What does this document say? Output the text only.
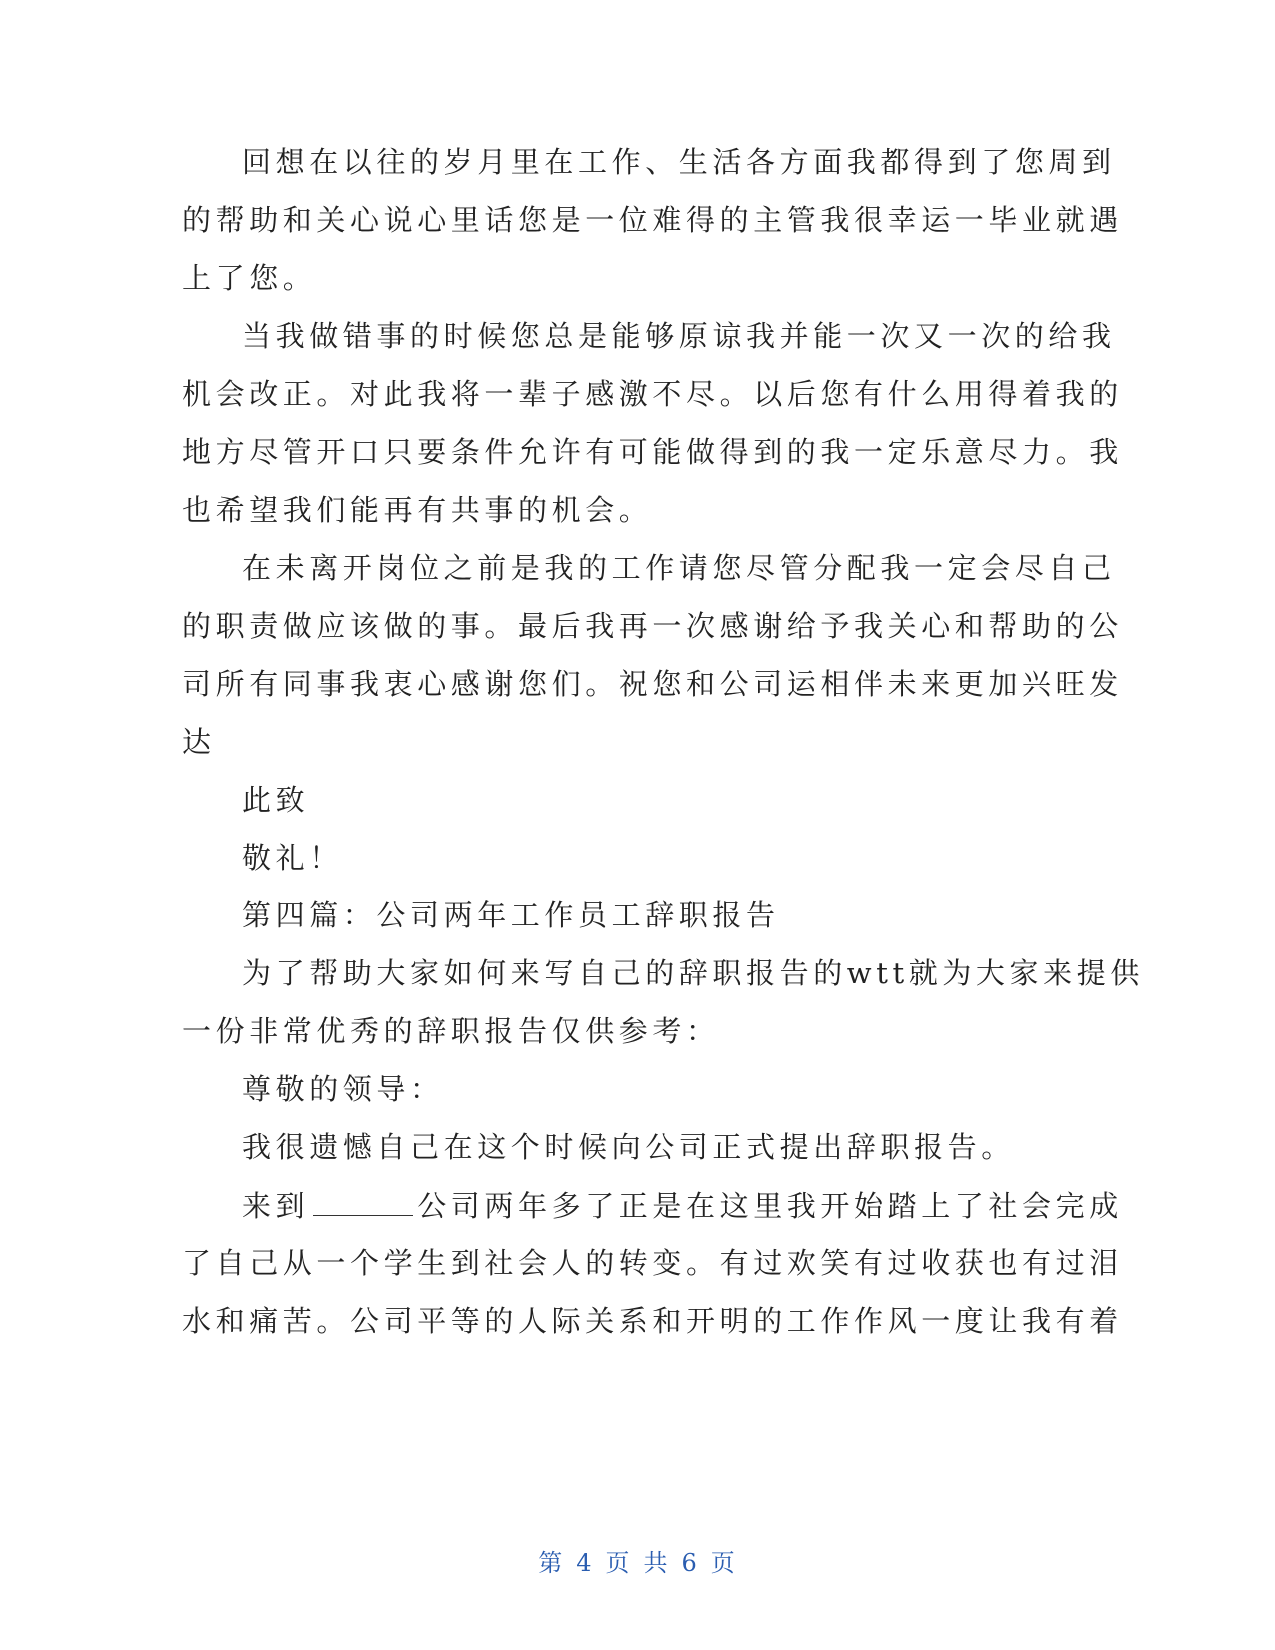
回想在以往的岁月里在工作、生活各方面我都得到了您周到
的帮助和关心说心里话您是一位难得的主管我很幸运一毕业就遇
上了您。
当我做错事的时候您总是能够原谅我并能一次又一次的给我
机会改正。对此我将一辈子感激不尽。以后您有什么用得着我的
地方尽管开口只要条件允许有可能做得到的我一定乐意尽力。我
也希望我们能再有共事的机会。
在未离开岗位之前是我的工作请您尽管分配我一定会尽自己
的职责做应该做的事。最后我再一次感谢给予我关心和帮助的公
司所有同事我衷心感谢您们。祝您和公司运相伴未来更加兴旺发
达
此致
敬礼！
第四篇：公司两年工作员工辞职报告
为了帮助大家如何来写自己的辞职报告的wtt就为大家来提供
一份非常优秀的辞职报告仅供参考：
尊敬的领导：
我很遗憾自己在这个时候向公司正式提出辞职报告。
来到	公司两年多了正是在这里我开始踏上了社会完成
了自己从一个学生到社会人的转变。有过欢笑有过收获也有过泪
水和痛苦。公司平等的人际关系和开明的工作作风一度让我有着
第 4 页 共 6 页
